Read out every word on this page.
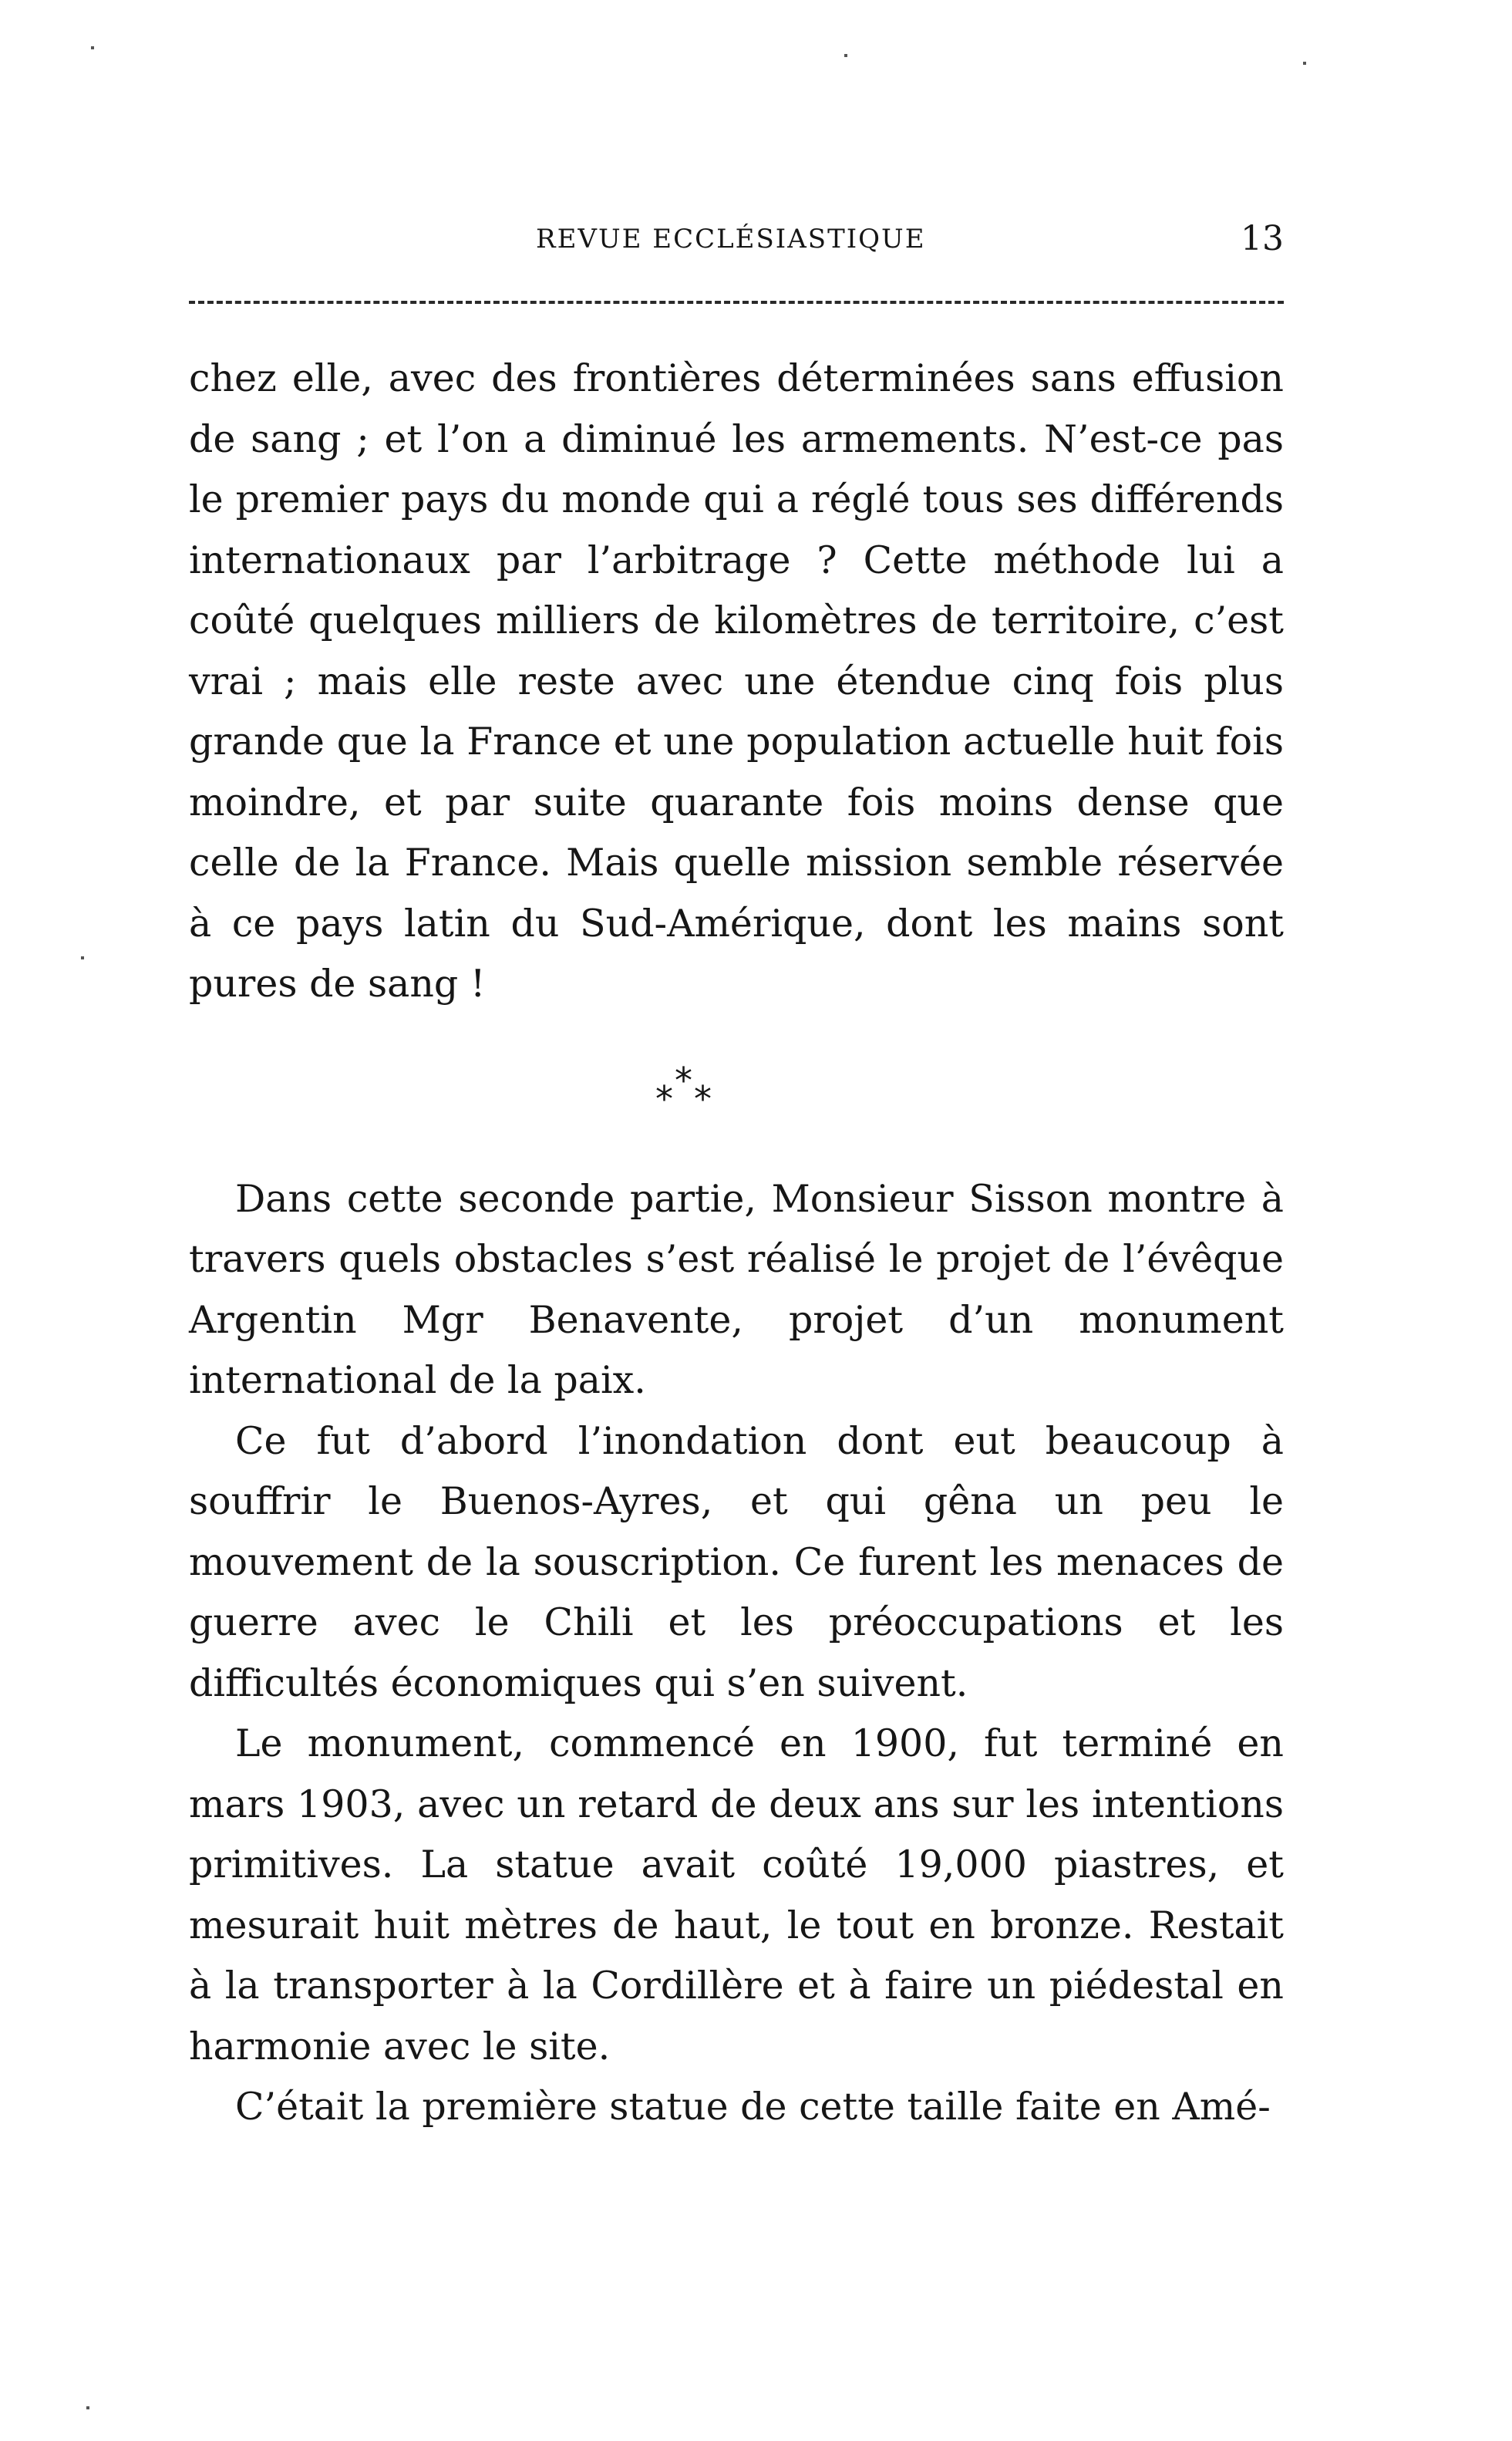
REVUE ECCLÉSIASTIQUE	13

chez elle, avec des frontières déterminées sans effusion de sang ; et l’on a diminué les armements. N’est-ce pas le premier pays du monde qui a réglé tous ses différends internationaux par l’arbitrage ? Cette méthode lui a coûté quelques milliers de kilomètres de territoire, c’est vrai ; mais elle reste avec une étendue cinq fois plus grande que la France et une population actuelle huit fois moindre, et par suite quarante fois moins dense que celle de la France. Mais quelle mission semble réservée à ce pays latin du Sud-Amérique, dont les mains sont pures de sang !

*
* *

Dans cette seconde partie, Monsieur Sisson montre à travers quels obstacles s’est réalisé le projet de l’évêque Argentin Mgr Benavente, projet d’un monument international de la paix.

Ce fut d’abord l’inondation dont eut beaucoup à souffrir le Buenos-Ayres, et qui gêna un peu le mouvement de la souscription. Ce furent les menaces de guerre avec le Chili et les préoccupations et les difficultés économiques qui s’en suivent.

Le monument, commencé en 1900, fut terminé en mars 1903, avec un retard de deux ans sur les intentions primitives. La statue avait coûté 19,000 piastres, et mesurait huit mètres de haut, le tout en bronze. Restait à la transporter à la Cordillère et à faire un piédestal en harmonie avec le site.

C’était la première statue de cette taille faite en Amé-
